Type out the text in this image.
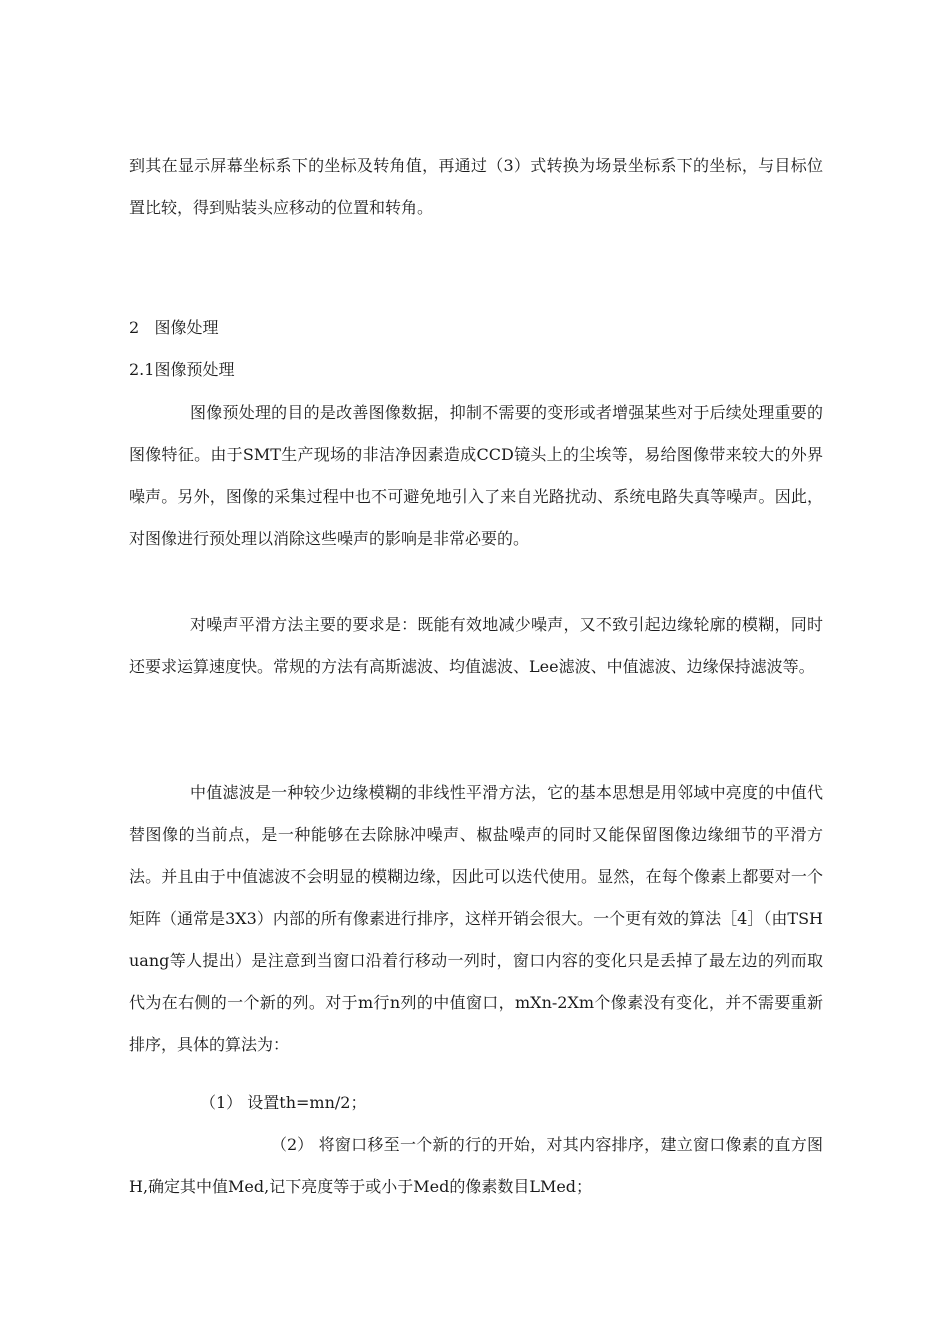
到其在显示屏幕坐标系下的坐标及转角值，再通过（3）式转换为场景坐标系下的坐标，与目标位置比较，得到贴装头应移动的位置和转角。

2 图像处理
2.1图像预处理

图像预处理的目的是改善图像数据，抑制不需要的变形或者增强某些对于后续处理重要的图像特征。由于SMT生产现场的非洁净因素造成CCD镜头上的尘埃等，易给图像带来较大的外界噪声。另外，图像的采集过程中也不可避免地引入了来自光路扰动、系统电路失真等噪声。因此，对图像进行预处理以消除这些噪声的影响是非常必要的。

对噪声平滑方法主要的要求是：既能有效地减少噪声，又不致引起边缘轮廓的模糊，同时还要求运算速度快。常规的方法有高斯滤波、均值滤波、Lee滤波、中值滤波、边缘保持滤波等。

中值滤波是一种较少边缘模糊的非线性平滑方法，它的基本思想是用邻域中亮度的中值代替图像的当前点，是一种能够在去除脉冲噪声、椒盐噪声的同时又能保留图像边缘细节的平滑方法。并且由于中值滤波不会明显的模糊边缘，因此可以迭代使用。显然，在每个像素上都要对一个矩阵（通常是3X3）内部的所有像素进行排序，这样开销会很大。一个更有效的算法［4］（由TSHuang等人提出）是注意到当窗口沿着行移动一列时，窗口内容的变化只是丢掉了最左边的列而取代为在右侧的一个新的列。对于m行n列的中值窗口，mXn-2Xm个像素没有变化，并不需要重新排序，具体的算法为：

（1） 设置th=mn/2；

（2） 将窗口移至一个新的行的开始，对其内容排序，建立窗口像素的直方图H,确定其中值Med,记下亮度等于或小于Med的像素数目LMed；
